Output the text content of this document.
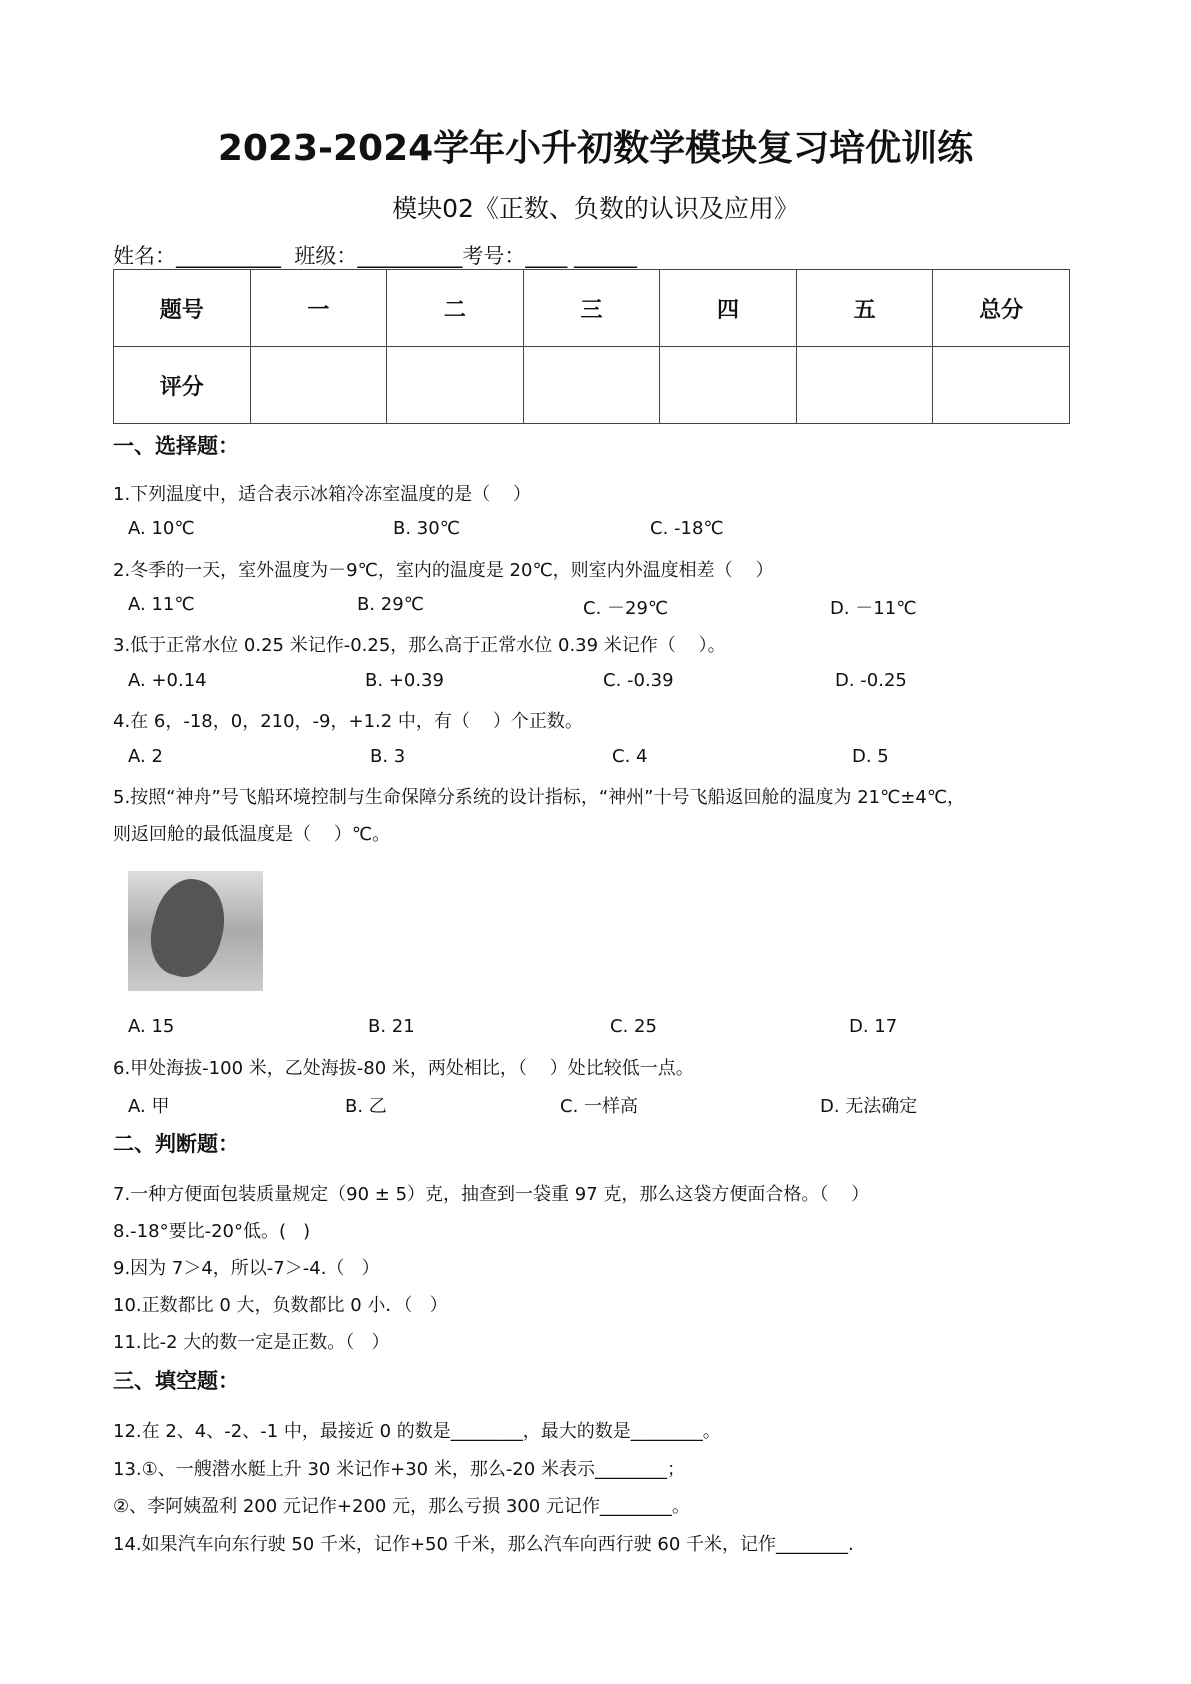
2023-2024学年小升初数学模块复习培优训练
模块02《正数、负数的认识及应用》
姓名：__________  班级：__________考号：____ ______
题号	一	二	三	四	五	总分
评分						
一、选择题：
1.下列温度中，适合表示冰箱冷冻室温度的是（    ）
A. 10℃	B. 30℃	C. -18℃
2.冬季的一天，室外温度为－9℃，室内的温度是 20℃，则室内外温度相差（    ）
A. 11℃	B. 29℃	C. －29℃	D. －11℃
3.低于正常水位 0.25 米记作-0.25，那么高于正常水位 0.39 米记作（    ）。
A. +0.14	B. +0.39	C. -0.39	D. -0.25
4.在 6，-18，0，210，-9，+1.2 中，有（    ）个正数。
A. 2	B. 3	C. 4	D. 5
5.按照“神舟”号飞船环境控制与生命保障分系统的设计指标，“神州”十号飞船返回舱的温度为 21℃±4℃，
则返回舱的最低温度是（    ）℃。
A. 15	B. 21	C. 25	D. 17
6.甲处海拔-100 米，乙处海拔-80 米，两处相比，（    ）处比较低一点。
A. 甲	B. 乙	C. 一样高	D. 无法确定
二、判断题：
7.一种方便面包装质量规定（90 ± 5）克，抽查到一袋重 97 克，那么这袋方便面合格。（    ）
8.-18°要比-20°低。(   )
9.因为 7＞4，所以-7＞-4.（   ）
10.正数都比 0 大，负数都比 0 小．（   ）
11.比-2 大的数一定是正数。（   ）
三、填空题：
12.在 2、4、-2、-1 中，最接近 0 的数是________，最大的数是________。
13.①、一艘潜水艇上升 30 米记作+30 米，那么-20 米表示________；
②、李阿姨盈利 200 元记作+200 元，那么亏损 300 元记作________。
14.如果汽车向东行驶 50 千米，记作+50 千米，那么汽车向西行驶 60 千米，记作________.
